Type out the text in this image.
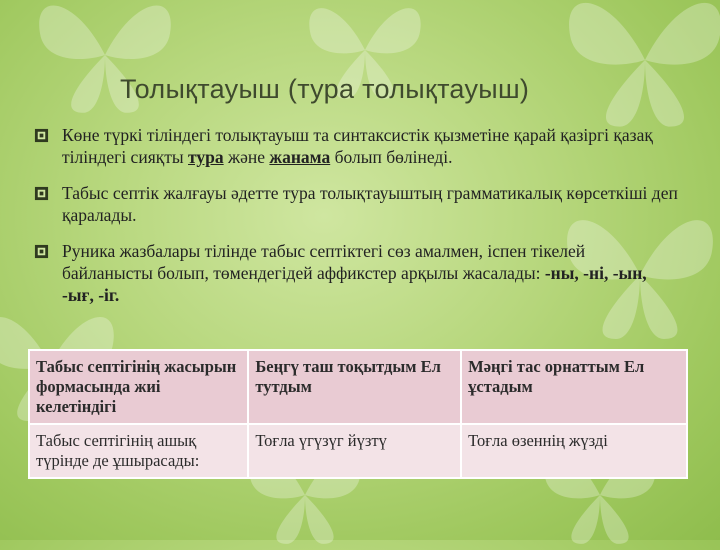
Толықтауыш (тура толықтауыш)
Көне түркі тіліндегі толықтауыш та синтаксистік қызметіне қарай қазіргі қазақ тіліндегі сияқты тура және жанама болып бөлінеді.
Табыс септік жалғауы әдетте тура толықтауыштың грамматикалық көрсеткіші деп қаралады.
Руника жазбалары тілінде табыс септіктегі сөз амалмен, іспен тікелей байланысты болып, төмендегідей аффикстер арқылы жасалады: -ны, -ні, -ын, -ығ, -іг.
Табыс септігінің жасырын формасында жиі келетіндігі	Беңгү таш тоқытдым Ел тутдым	Мәңгі тас орнаттым Ел ұстадым
Табыс септігінің ашық түрінде де ұшырасады:	Тоғла үгүзүг йүзтү	Тоғла өзеннің жүзді
